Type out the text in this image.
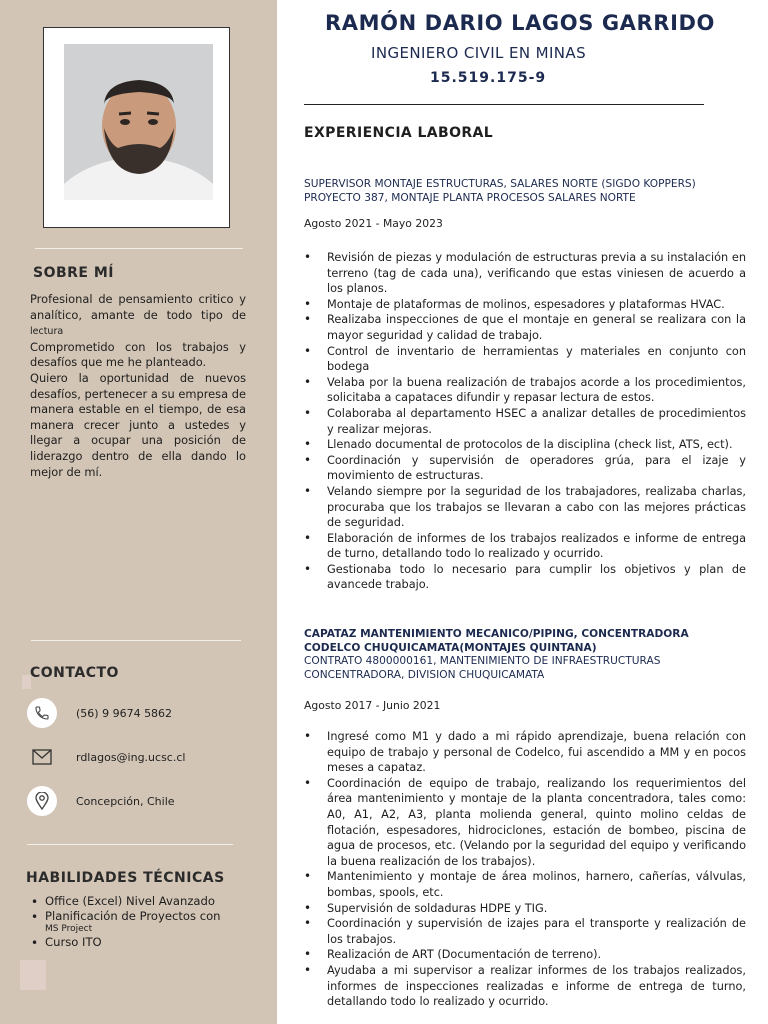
SOBRE MÍ

Profesional de pensamiento critico y analítico, amante de todo tipo de lectura

Comprometido con los trabajos y desafíos que me he planteado.

Quiero la oportunidad de nuevos desafíos, pertenecer a su empresa de manera estable en el tiempo, de esa manera crecer junto a ustedes y llegar a ocupar una posición de liderazgo dentro de ella dando lo mejor de mí.

CONTACTO
(56) 9 9674 5862
rdlagos@ing.ucsc.cl
Concepción, Chile
HABILIDADES TÉCNICAS
• Office (Excel) Nivel Avanzado
• Planificación de Proyectos con
MS Project
• Curso ITO
RAMÓN DARIO LAGOS GARRIDO
INGENIERO CIVIL EN MINAS
15.519.175-9
EXPERIENCIA LABORAL
SUPERVISOR MONTAJE ESTRUCTURAS, SALARES NORTE (SIGDO KOPPERS)
PROYECTO 387, MONTAJE PLANTA PROCESOS SALARES NORTE
Agosto 2021 - Mayo 2023
• Revisión de piezas y modulación de estructuras previa a su instalación en terreno (tag de cada una), verificando que estas viniesen de acuerdo a los planos.
• Montaje de plataformas de molinos, espesadores y plataformas HVAC.
• Realizaba inspecciones de que el montaje en general se realizara con la mayor seguridad y calidad de trabajo.
• Control de inventario de herramientas y materiales en conjunto con bodega
• Velaba por la buena realización de trabajos acorde a los procedimientos, solicitaba a capataces difundir y repasar lectura de estos.
• Colaboraba al departamento HSEC a analizar detalles de procedimientos y realizar mejoras.
• Llenado documental de protocolos de la disciplina (check list, ATS, ect).
• Coordinación y supervisión de operadores grúa, para el izaje y movimiento de estructuras.
• Velando siempre por la seguridad de los trabajadores, realizaba charlas, procuraba que los trabajos se llevaran a cabo con las mejores prácticas de seguridad.
• Elaboración de informes de los trabajos realizados e informe de entrega de turno, detallando todo lo realizado y ocurrido.
• Gestionaba todo lo necesario para cumplir los objetivos y plan de avancede trabajo.
CAPATAZ MANTENIMIENTO MECANICO/PIPING, CONCENTRADORA CODELCO CHUQUICAMATA(MONTAJES QUINTANA)
CONTRATO 4800000161, MANTENIMIENTO DE INFRAESTRUCTURAS CONCENTRADORA, DIVISION CHUQUICAMATA
Agosto 2017 - Junio 2021
• Ingresé como M1 y dado a mi rápido aprendizaje, buena relación con equipo de trabajo y personal de Codelco, fui ascendido a MM y en pocos meses a capataz.
• Coordinación de equipo de trabajo, realizando los requerimientos del área mantenimiento y montaje de la planta concentradora, tales como: A0, A1, A2, A3, planta molienda general, quinto molino celdas de flotación, espesadores, hidrociclones, estación de bombeo, piscina de agua de procesos, etc. (Velando por la seguridad del equipo y verificando la buena realización de los trabajos).
• Mantenimiento y montaje de área molinos, harnero, cañerías, válvulas, bombas, spools, etc.
• Supervisión de soldaduras HDPE y TIG.
• Coordinación y supervisión de izajes para el transporte y realización de los trabajos.
• Realización de ART (Documentación de terreno).
• Ayudaba a mi supervisor a realizar informes de los trabajos realizados, informes de inspecciones realizadas e informe de entrega de turno, detallando todo lo realizado y ocurrido.
